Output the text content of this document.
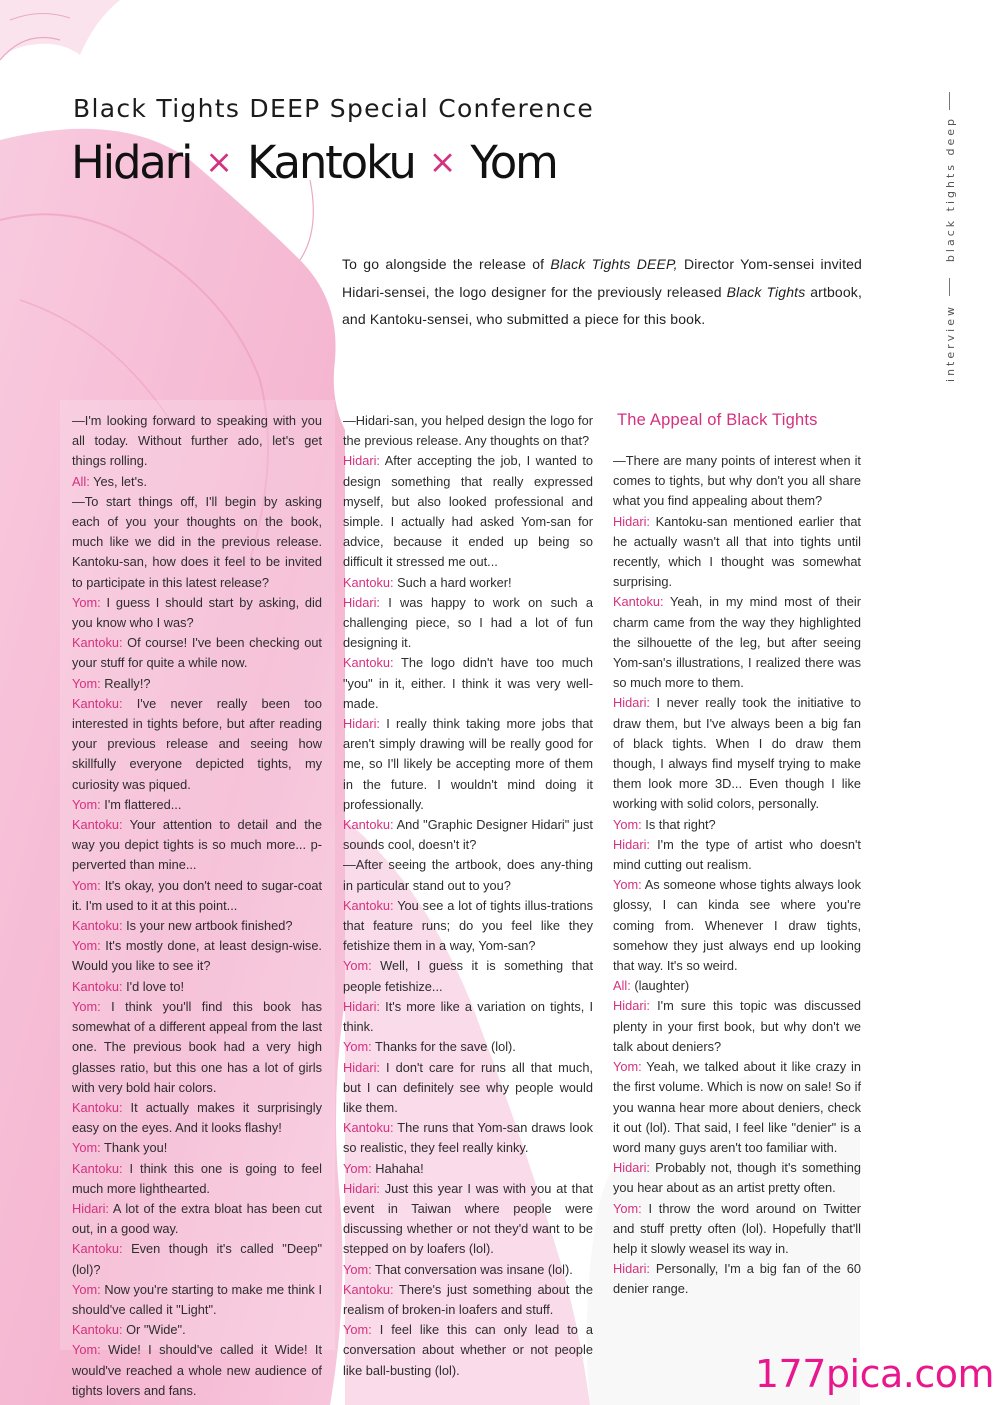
Black Tights DEEP Special Conference
Hidari × Kantoku × Yom	black tights deep
interview
To go alongside the release of Black Tights DEEP, Director Yom-sensei invited Hidari-sensei, the logo designer for the previously released Black Tights artbook, and Kantoku-sensei, who submitted a piece for this book.
The Appeal of Black Tights

—I'm looking forward to speaking with you all today. Without further ado, let's get things rolling.

All: Yes, let's.

—To start things off, I'll begin by asking each of you your thoughts on the book, much like we did in the previous release. Kantoku-san, how does it feel to be invited to participate in this latest release?

Yom: I guess I should start by asking, did you know who I was?

Kantoku: Of course! I've been checking out your stuff for quite a while now.

Yom: Really!?

Kantoku: I've never really been too interested in tights before, but after reading your previous release and seeing how skillfully everyone depicted tights, my curiosity was piqued.

Yom: I'm flattered...

Kantoku: Your attention to detail and the way you depict tights is so much more... p-perverted than mine...

Yom: It's okay, you don't need to sugar-coat it. I'm used to it at this point...

Kantoku: Is your new artbook finished?

Yom: It's mostly done, at least design-wise. Would you like to see it?

Kantoku: I'd love to!

Yom: I think you'll find this book has somewhat of a different appeal from the last one. The previous book had a very high glasses ratio, but this one has a lot of girls with very bold hair colors.

Kantoku: It actually makes it surprisingly easy on the eyes. And it looks flashy!

Yom: Thank you!

Kantoku: I think this one is going to feel much more lighthearted.

Hidari: A lot of the extra bloat has been cut out, in a good way.

Kantoku: Even though it's called "Deep" (lol)?

Yom: Now you're starting to make me think I should've called it "Light".

Kantoku: Or "Wide".

Yom: Wide! I should've called it Wide! It would've reached a whole new audience of tights lovers and fans.

—Hidari-san, you helped design the logo for the previous release. Any thoughts on that?

Hidari: After accepting the job, I wanted to design something that really expressed myself, but also looked professional and simple. I actually had asked Yom-san for advice, because it ended up being so difficult it stressed me out...

Kantoku: Such a hard worker!

Hidari: I was happy to work on such a challenging piece, so I had a lot of fun designing it.

Kantoku: The logo didn't have too much "you" in it, either. I think it was very well-made.

Hidari: I really think taking more jobs that aren't simply drawing will be really good for me, so I'll likely be accepting more of them in the future. I wouldn't mind doing it professionally.

Kantoku: And "Graphic Designer Hidari" just sounds cool, doesn't it?

—After seeing the artbook, does any-thing in particular stand out to you?

Kantoku: You see a lot of tights illus-trations that feature runs; do you feel like they fetishize them in a way, Yom-san?

Yom: Well, I guess it is something that people fetishize...

Hidari: It's more like a variation on tights, I think.

Yom: Thanks for the save (lol).

Hidari: I don't care for runs all that much, but I can definitely see why people would like them.

Kantoku: The runs that Yom-san draws look so realistic, they feel really kinky.

Yom: Hahaha!

Hidari: Just this year I was with you at that event in Taiwan where people were discussing whether or not they'd want to be stepped on by loafers (lol).

Yom: That conversation was insane (lol).

Kantoku: There's just something about the realism of broken-in loafers and stuff.

Yom: I feel like this can only lead to a conversation about whether or not people like ball-busting (lol).

—There are many points of interest when it comes to tights, but why don't you all share what you find appealing about them?

Hidari: Kantoku-san mentioned earlier that he actually wasn't all that into tights until recently, which I thought was somewhat surprising.

Kantoku: Yeah, in my mind most of their charm came from the way they highlighted the silhouette of the leg, but after seeing Yom-san's illustrations, I realized there was so much more to them.

Hidari: I never really took the initiative to draw them, but I've always been a big fan of black tights. When I do draw them though, I always find myself trying to make them look more 3D... Even though I like working with solid colors, personally.

Yom: Is that right?

Hidari: I'm the type of artist who doesn't mind cutting out realism.

Yom: As someone whose tights always look glossy, I can kinda see where you're coming from. Whenever I draw tights, somehow they just always end up looking that way. It's so weird.

All: (laughter)

Hidari: I'm sure this topic was discussed plenty in your first book, but why don't we talk about deniers?

Yom: Yeah, we talked about it like crazy in the first volume. Which is now on sale! So if you wanna hear more about deniers, check it out (lol). That said, I feel like "denier" is a word many guys aren't too familiar with.

Hidari: Probably not, though it's something you hear about as an artist pretty often.

Yom: I throw the word around on Twitter and stuff pretty often (lol). Hopefully that'll help it slowly weasel its way in.

Hidari: Personally, I'm a big fan of the 60 denier range.

177pica.com
